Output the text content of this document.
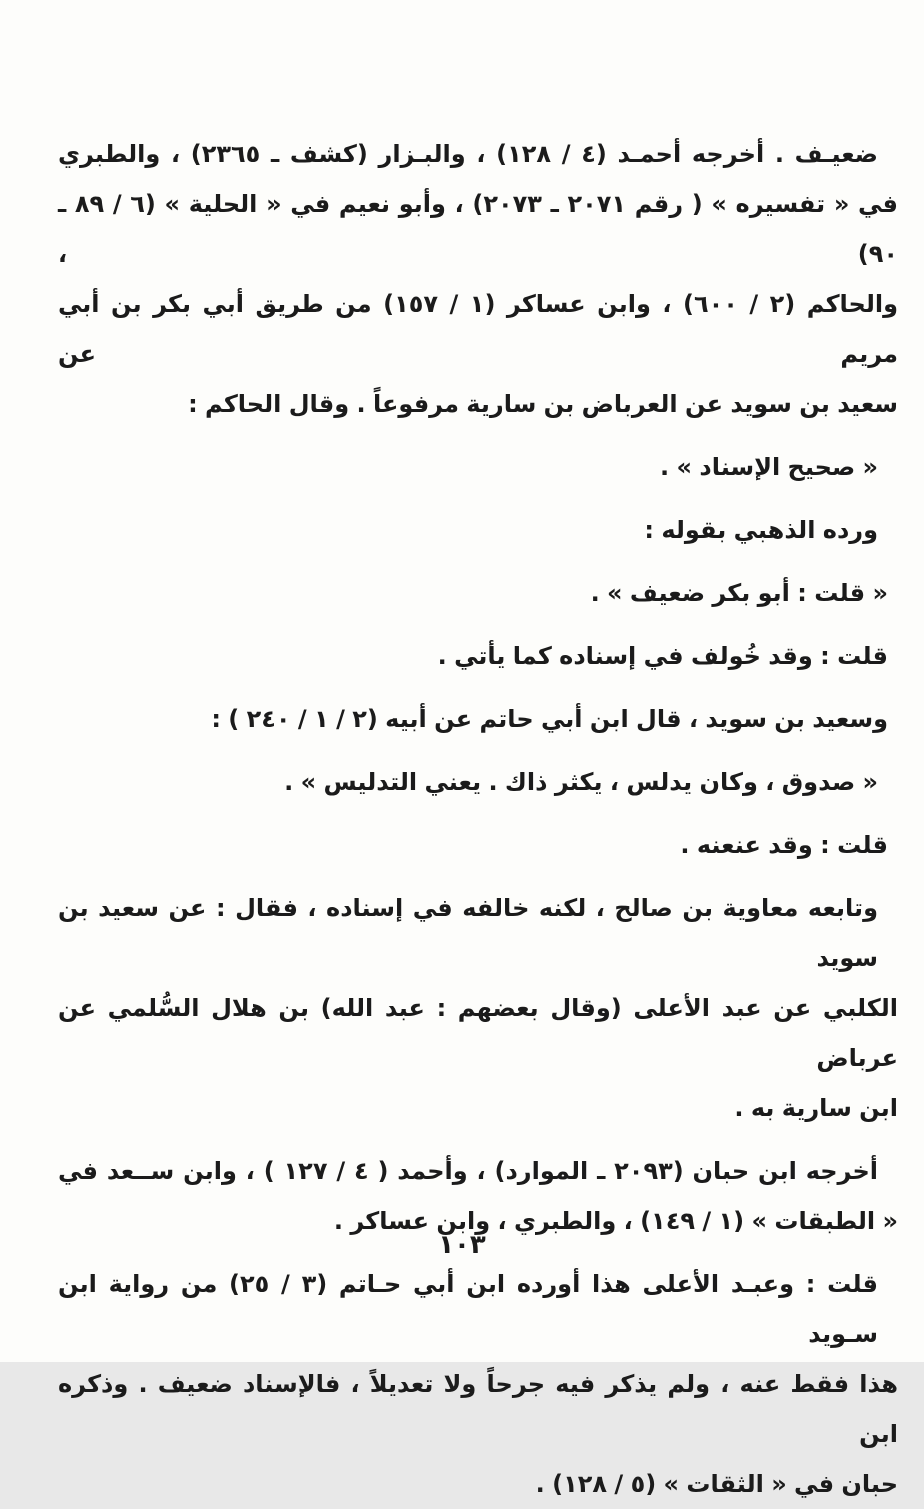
ضعيـف . أخرجه أحمـد (٤ / ١٢٨) ، والبـزار (كشف ـ ٢٣٦٥) ، والطبري
في « تفسيره » ( رقم ٢٠٧١ ـ ٢٠٧٣) ، وأبو نعيم في « الحلية » (٦ / ٨٩ ـ ٩٠) ،
والحاكم (٢ / ٦٠٠) ، وابن عساكر (١ / ١٥٧) من طريق أبي بكر بن أبي مريم عن
سعيد بن سويد عن العرباض بن سارية مرفوعاً . وقال الحاكم :

« صحيح الإسناد » .

ورده الذهبي بقوله :

« قلت : أبو بكر ضعيف » .

قلت : وقد خُولف في إسناده كما يأتي .

وسعيد بن سويد ، قال ابن أبي حاتم عن أبيه (٢ / ١ / ٢٤٠ ) :

« صدوق ، وكان يدلس ، يكثر ذاك . يعني التدليس » .

قلت : وقد عنعنه .

وتابعه معاوية بن صالح ، لكنه خالفه في إسناده ، فقال : عن سعيد بن سويد
الكلبي عن عبد الأعلى (وقال بعضهم : عبد الله) بن هلال السُّلمي عن عرباض
ابن سارية به .

أخرجه ابن حبان (٢٠٩٣ ـ الموارد) ، وأحمد ( ٤ / ١٢٧ ) ، وابن ســعد في
« الطبقات » (١ / ١٤٩) ، والطبري ، وابن عساكر .

قلت : وعبـد الأعلى هذا أورده ابن أبي حـاتم (٣ / ٢٥) من رواية ابن سـويد
هذا فقط عنه ، ولم يذكر فيه جرحاً ولا تعديلاً ، فالإسناد ضعيف . وذكره ابن
حبان في « الثقات » (٥ / ١٢٨) .

١٠٣
